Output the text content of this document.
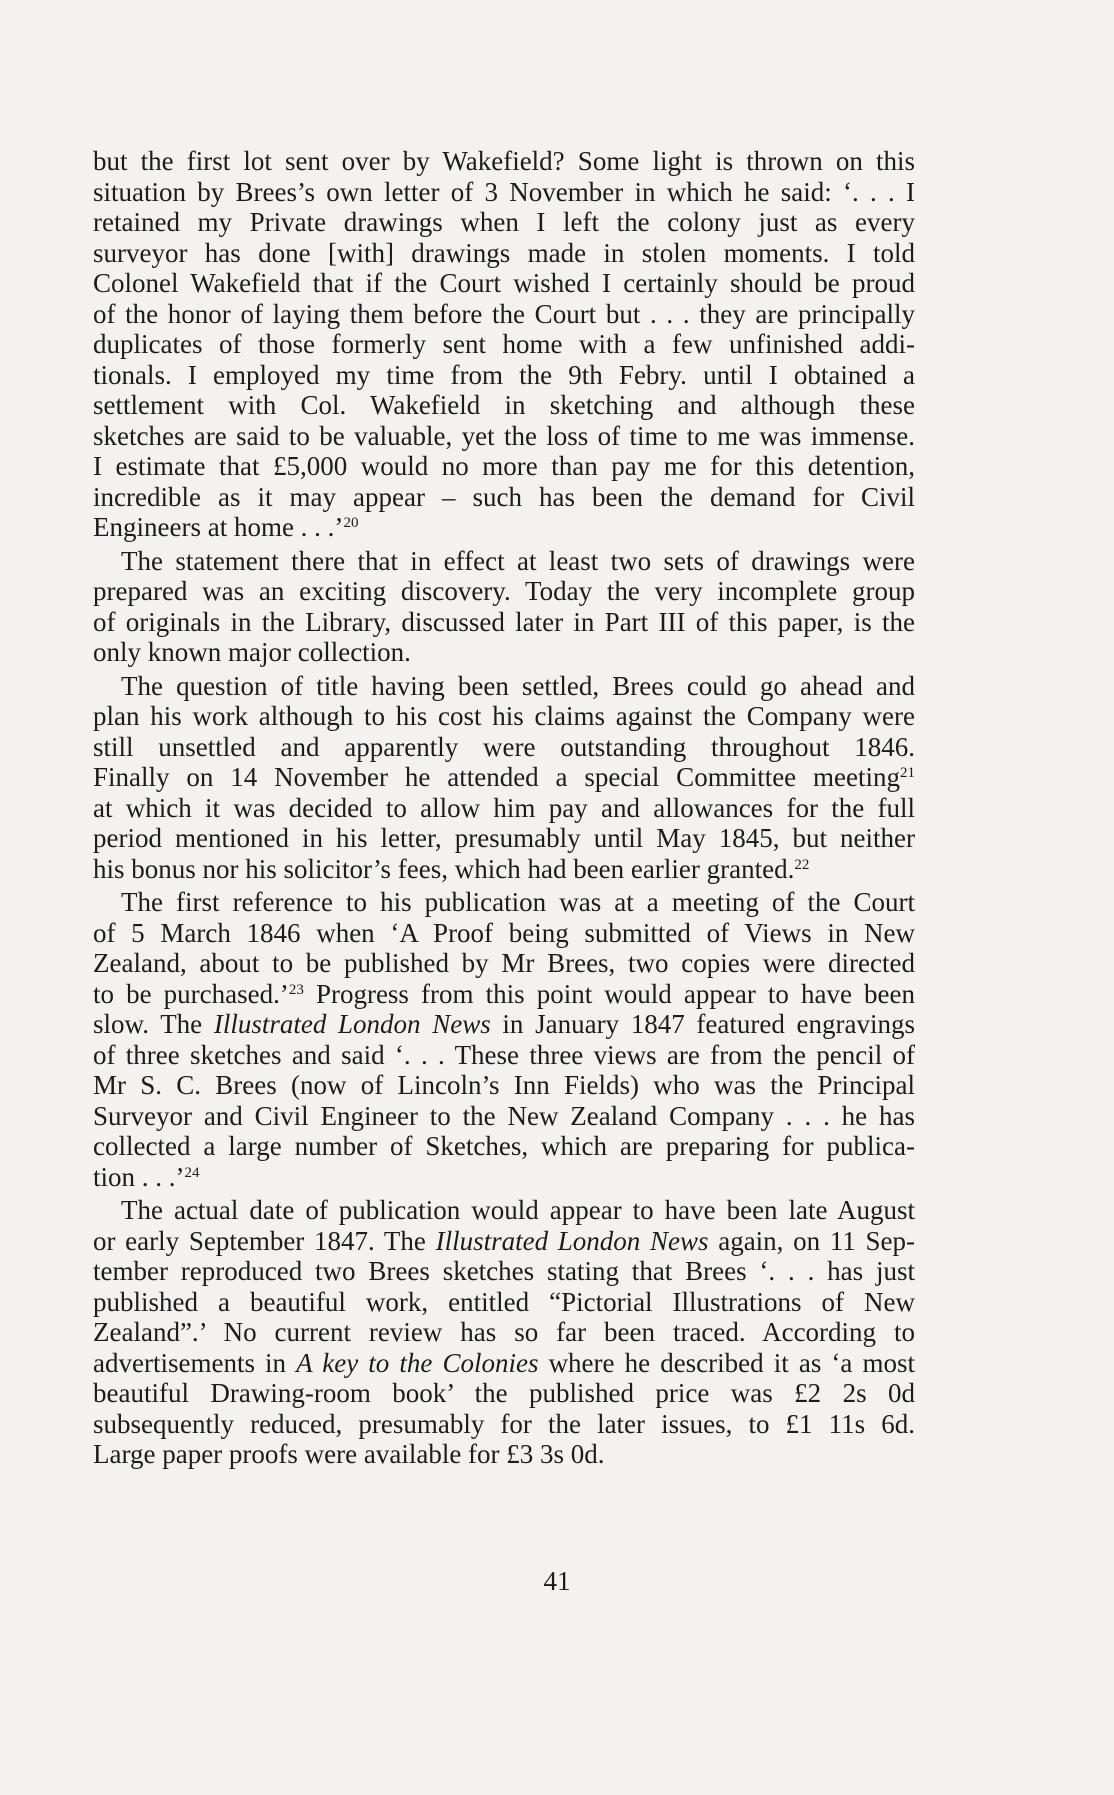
but the first lot sent over by Wakefield? Some light is thrown on this
situation by Brees’s own letter of 3 November in which he said: ‘. . . I
retained my Private drawings when I left the colony just as every
surveyor has done [with] drawings made in stolen moments. I told
Colonel Wakefield that if the Court wished I certainly should be proud
of the honor of laying them before the Court but . . . they are principally
duplicates of those formerly sent home with a few unfinished addi-
tionals. I employed my time from the 9th Febry. until I obtained a
settlement with Col. Wakefield in sketching and although these
sketches are said to be valuable, yet the loss of time to me was immense.
I estimate that £5,000 would no more than pay me for this detention,
incredible as it may appear – such has been the demand for Civil
Engineers at home . . .’$^{20}$

The statement there that in effect at least two sets of drawings were
prepared was an exciting discovery. Today the very incomplete group
of originals in the Library, discussed later in Part III of this paper, is the
only known major collection.

The question of title having been settled, Brees could go ahead and
plan his work although to his cost his claims against the Company were
still unsettled and apparently were outstanding throughout 1846.
Finally on 14 November he attended a special Committee meeting$^{21}$
at which it was decided to allow him pay and allowances for the full
period mentioned in his letter, presumably until May 1845, but neither
his bonus nor his solicitor’s fees, which had been earlier granted.$^{22}$

The first reference to his publication was at a meeting of the Court
of 5 March 1846 when ‘A Proof being submitted of Views in New
Zealand, about to be published by Mr Brees, two copies were directed
to be purchased.’$^{23}$ Progress from this point would appear to have been
slow. The Illustrated London News in January 1847 featured engravings
of three sketches and said ‘. . . These three views are from the pencil of
Mr S. C. Brees (now of Lincoln’s Inn Fields) who was the Principal
Surveyor and Civil Engineer to the New Zealand Company . . . he has
collected a large number of Sketches, which are preparing for publica-
tion . . .’$^{24}$

The actual date of publication would appear to have been late August
or early September 1847. The Illustrated London News again, on 11 Sep-
tember reproduced two Brees sketches stating that Brees ‘. . . has just
published a beautiful work, entitled “Pictorial Illustrations of New
Zealand”.’ No current review has so far been traced. According to
advertisements in A key to the Colonies where he described it as ‘a most
beautiful Drawing-room book’ the published price was £2 2s 0d
subsequently reduced, presumably for the later issues, to £1 11s 6d.
Large paper proofs were available for £3 3s 0d.

41
